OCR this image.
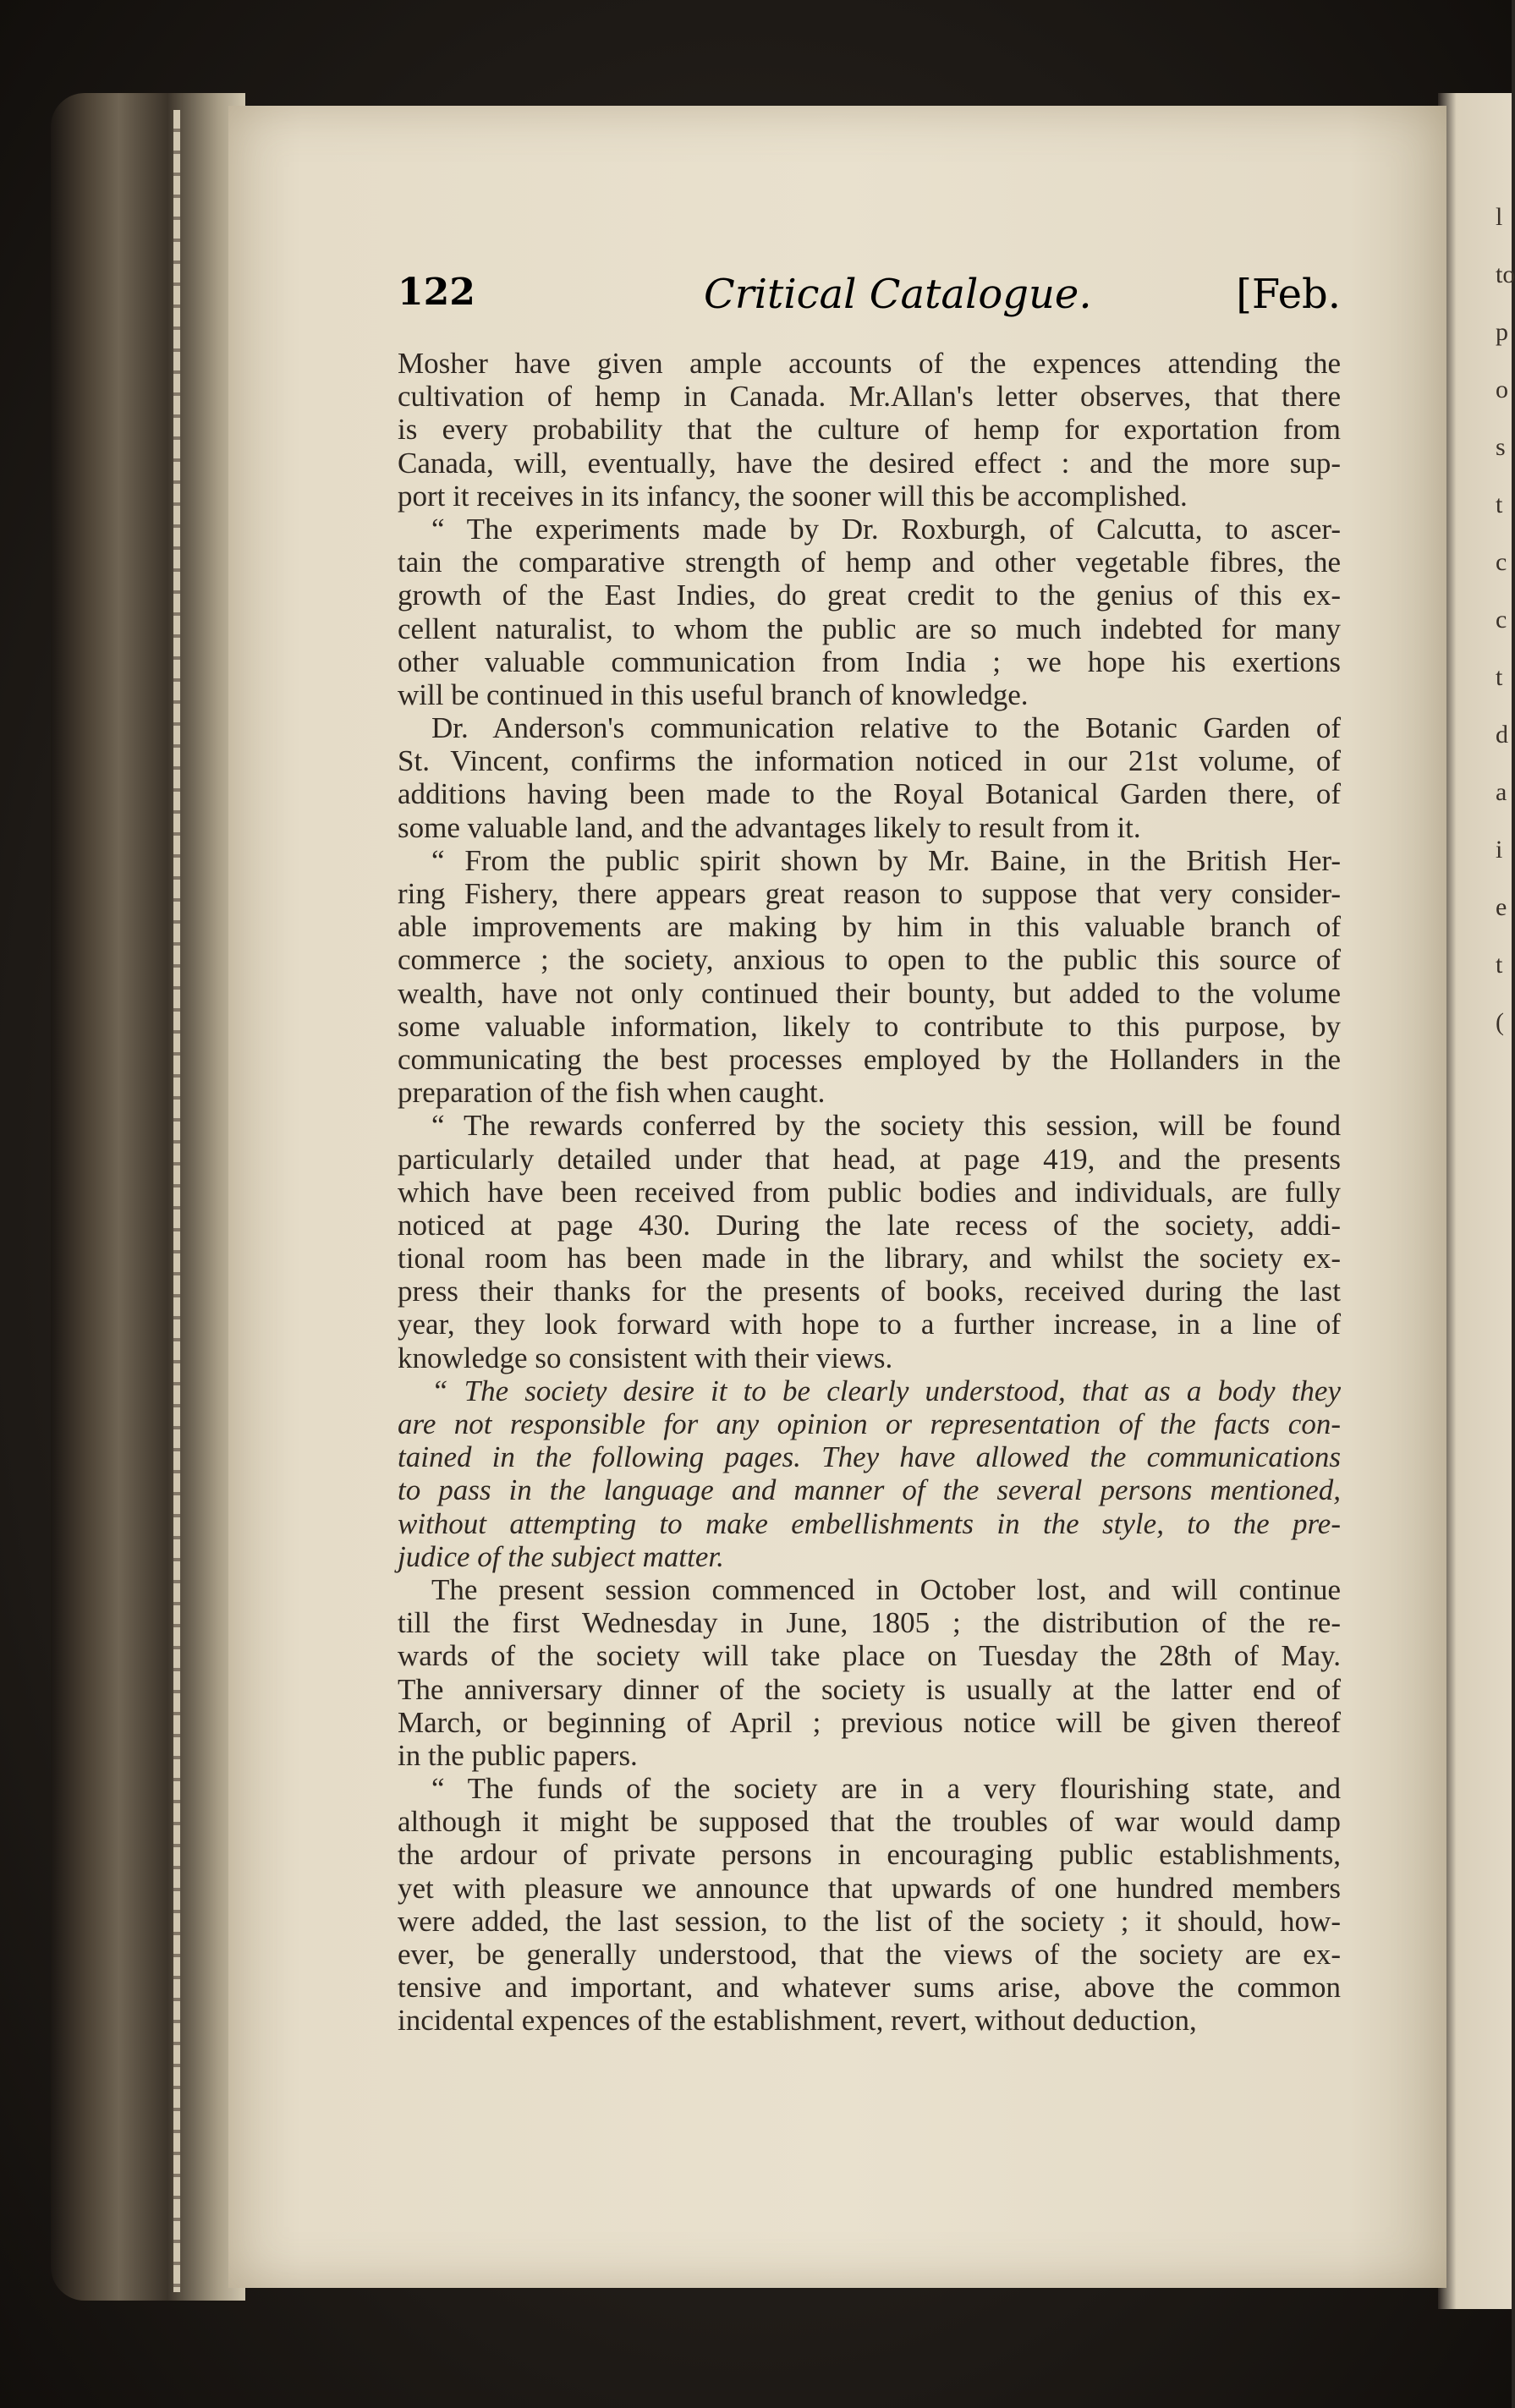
l
to
p
o
s
t
c
c
t
d
a
i
e
t
(
122	Critical Catalogue.	[Feb.
Mosher have given ample accounts of the expences attending the
cultivation of hemp in Canada. Mr.Allan's letter observes, that there
is every probability that the culture of hemp for exportation from
Canada, will, eventually, have the desired effect : and the more sup-
port it receives in its infancy, the sooner will this be accomplished.
“ The experiments made by Dr. Roxburgh, of Calcutta, to ascer-
tain the comparative strength of hemp and other vegetable fibres, the
growth of the East Indies, do great credit to the genius of this ex-
cellent naturalist, to whom the public are so much indebted for many
other valuable communication from India ; we hope his exertions
will be continued in this useful branch of knowledge.
Dr. Anderson's communication relative to the Botanic Garden of
St. Vincent, confirms the information noticed in our 21st volume, of
additions having been made to the Royal Botanical Garden there, of
some valuable land, and the advantages likely to result from it.
“ From the public spirit shown by Mr. Baine, in the British Her-
ring Fishery, there appears great reason to suppose that very consider-
able improvements are making by him in this valuable branch of
commerce ; the society, anxious to open to the public this source of
wealth, have not only continued their bounty, but added to the volume
some valuable information, likely to contribute to this purpose, by
communicating the best processes employed by the Hollanders in the
preparation of the fish when caught.
“ The rewards conferred by the society this session, will be found
particularly detailed under that head, at page 419, and the presents
which have been received from public bodies and individuals, are fully
noticed at page 430. During the late recess of the society, addi-
tional room has been made in the library, and whilst the society ex-
press their thanks for the presents of books, received during the last
year, they look forward with hope to a further increase, in a line of
knowledge so consistent with their views.
“ The society desire it to be clearly understood, that as a body they
are not responsible for any opinion or representation of the facts con-
tained in the following pages. They have allowed the communications
to pass in the language and manner of the several persons mentioned,
without attempting to make embellishments in the style, to the pre-
judice of the subject matter.
The present session commenced in October lost, and will continue
till the first Wednesday in June, 1805 ; the distribution of the re-
wards of the society will take place on Tuesday the 28th of May.
The anniversary dinner of the society is usually at the latter end of
March, or beginning of April ; previous notice will be given thereof
in the public papers.
“ The funds of the society are in a very flourishing state, and
although it might be supposed that the troubles of war would damp
the ardour of private persons in encouraging public establishments,
yet with pleasure we announce that upwards of one hundred members
were added, the last session, to the list of the society ; it should, how-
ever, be generally understood, that the views of the society are ex-
tensive and important, and whatever sums arise, above the common
incidental expences of the establishment, revert, without deduction,
